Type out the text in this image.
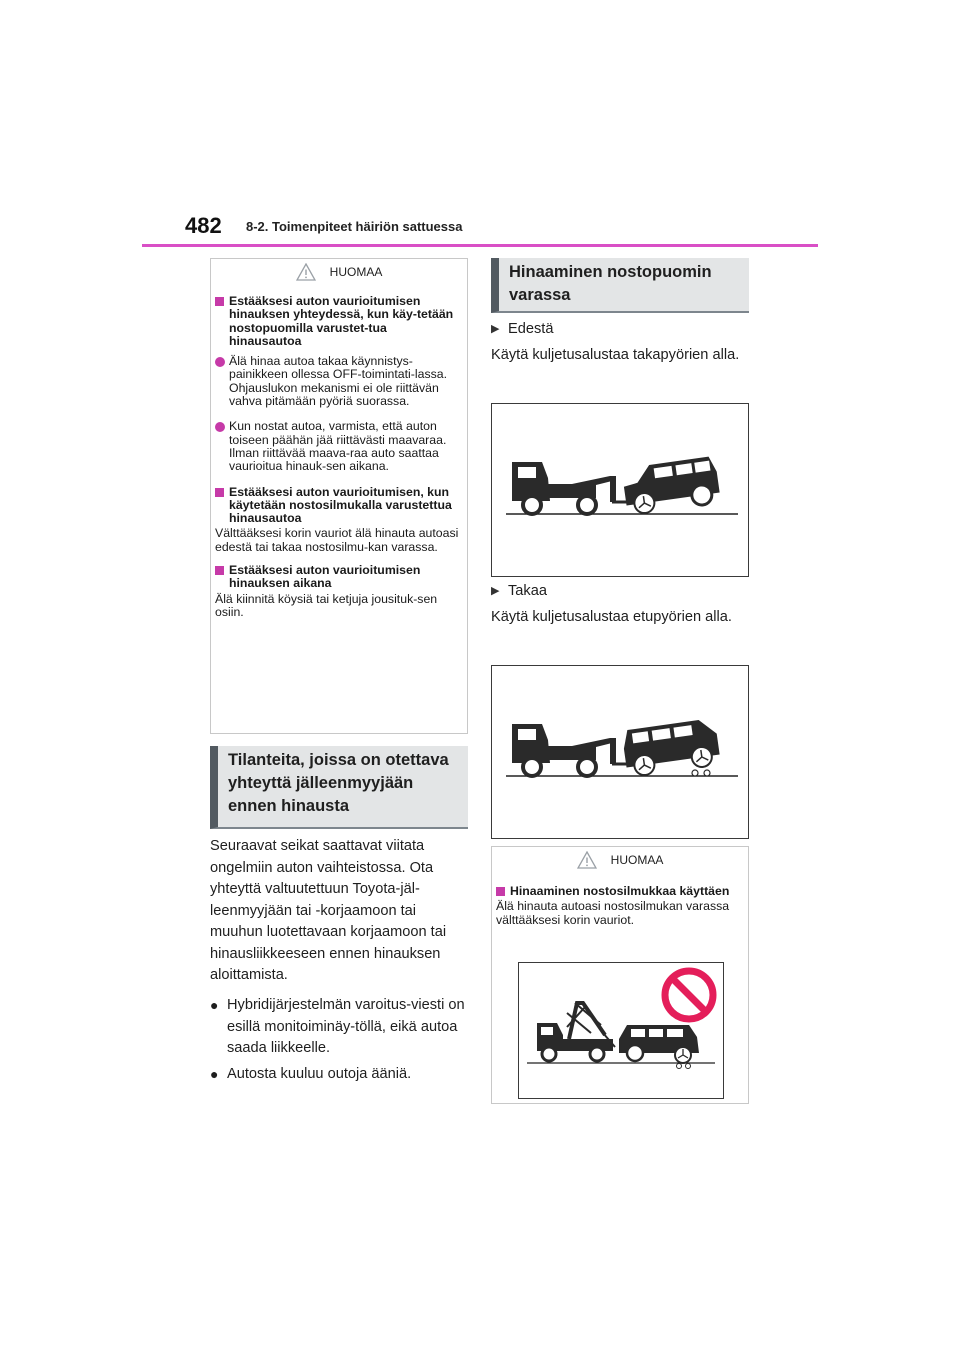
482 8-2. Toimenpiteet häiriön sattuessa
HUOMAA
Estääksesi auton vaurioitumisen hinauksen yhteydessä, kun käy-tetään nostopuomilla varustet-tua hinausautoa
Älä hinaa autoa takaa käynnistys-painikkeen ollessa OFF-toimintati-lassa. Ohjauslukon mekanismi ei ole riittävän vahva pitämään pyöriä suorassa.
Kun nostat autoa, varmista, että auton toiseen päähän jää riittävästi maavaraa. Ilman riittävää maava-raa auto saattaa vaurioitua hinauk-sen aikana.
Estääksesi auton vaurioitumisen, kun käytetään nostosilmukalla varustettua hinausautoa
Välttääksesi korin vauriot älä hinauta autoasi edestä tai takaa nostosilmu-kan varassa.
Estääksesi auton vaurioitumisen hinauksen aikana
Älä kiinnitä köysiä tai ketjuja jousituk-sen osiin.
Tilanteita, joissa on otettava yhteyttä jälleenmyyjään ennen hinausta
Seuraavat seikat saattavat viitata ongelmiin auton vaihteistossa. Ota yhteyttä valtuutettuun Toyota-jäl-leenmyyjään tai -korjaamoon tai muuhun luotettavaan korjaamoon tai hinausliikkeeseen ennen hinauksen aloittamista.
● Hybridijärjestelmän varoitus-viesti on esillä monitoiminäy-töllä, eikä autoa saada liikkeelle.
● Autosta kuuluu outoja ääniä.
Hinaaminen nostopuomin varassa
▶ Edestä
Käytä kuljetusalustaa takapyörien alla.
▶ Takaa
Käytä kuljetusalustaa etupyörien alla.
HUOMAA
Hinaaminen nostosilmukkaa käyttäen
Älä hinauta autoasi nostosilmukan varassa välttääksesi korin vauriot.
